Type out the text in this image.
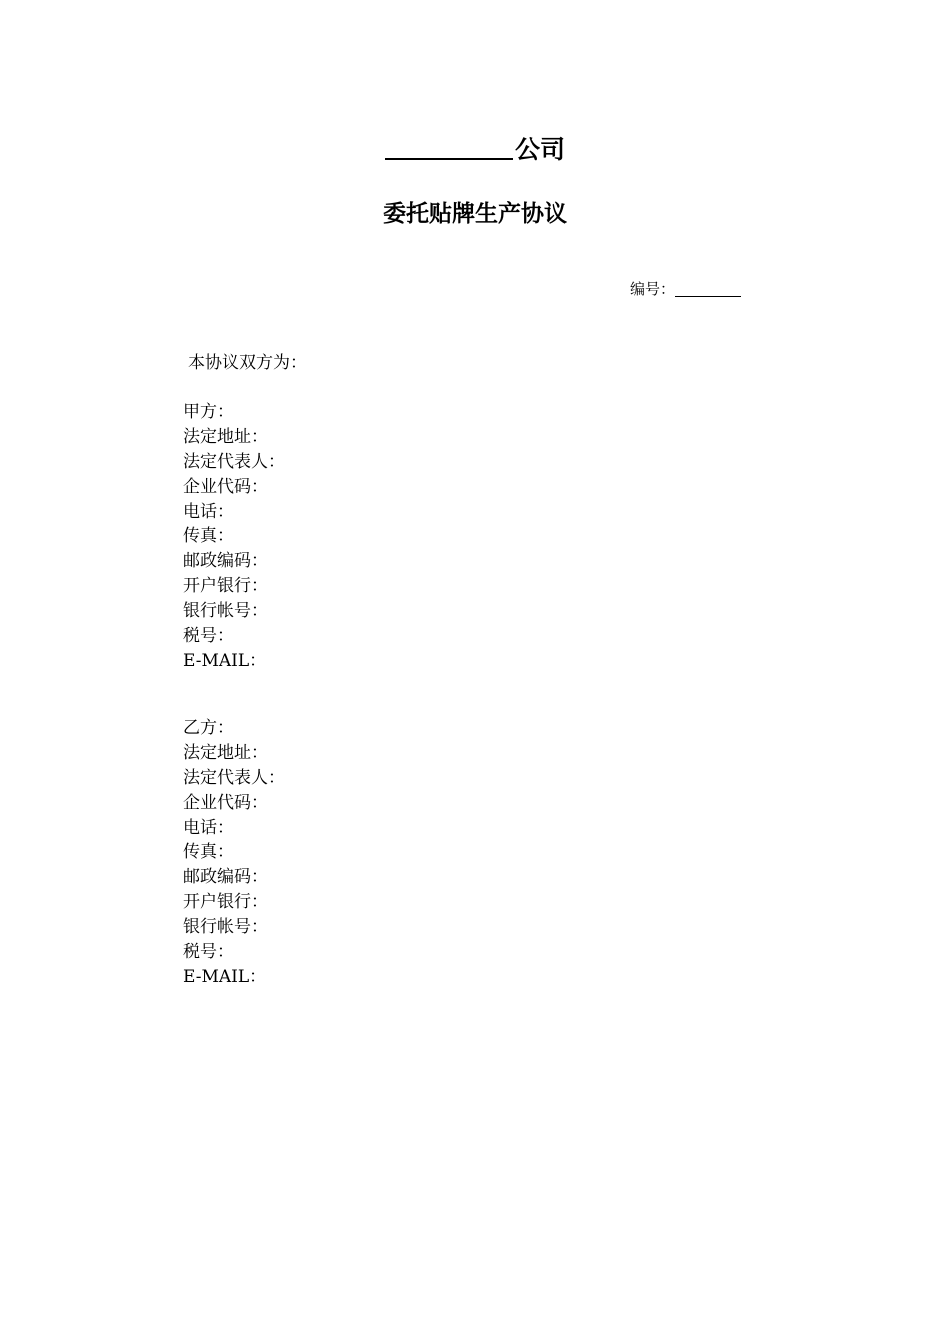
公司
委托贴牌生产协议
编号：
本协议双方为：
甲方：
法定地址：
法定代表人：
企业代码：
电话：
传真：
邮政编码：
开户银行：
银行帐号：
税号：
E-MAIL：
乙方：
法定地址：
法定代表人：
企业代码：
电话：
传真：
邮政编码：
开户银行：
银行帐号：
税号：
E-MAIL：
